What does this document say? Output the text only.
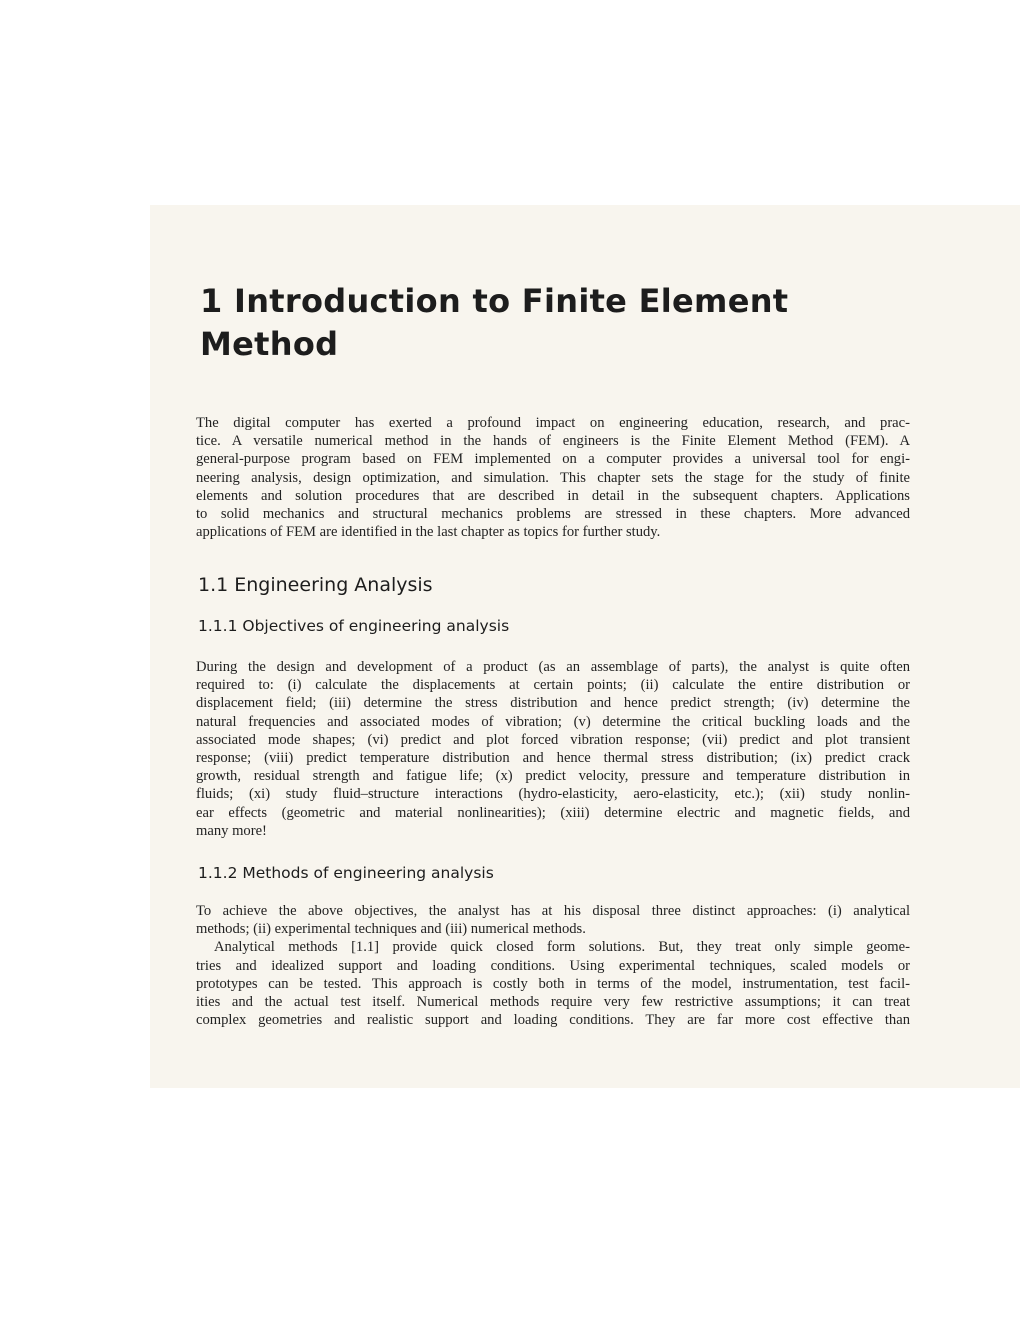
1 Introduction to Finite Element
Method
The digital computer has exerted a profound impact on engineering education, research, and prac-
tice. A versatile numerical method in the hands of engineers is the Finite Element Method (FEM). A
general-purpose program based on FEM implemented on a computer provides a universal tool for engi-
neering analysis, design optimization, and simulation. This chapter sets the stage for the study of finite
elements and solution procedures that are described in detail in the subsequent chapters. Applications
to solid mechanics and structural mechanics problems are stressed in these chapters. More advanced
applications of FEM are identified in the last chapter as topics for further study.
1.1 Engineering Analysis
1.1.1 Objectives of engineering analysis
During the design and development of a product (as an assemblage of parts), the analyst is quite often
required to: (i) calculate the displacements at certain points; (ii) calculate the entire distribution or
displacement field; (iii) determine the stress distribution and hence predict strength; (iv) determine the
natural frequencies and associated modes of vibration; (v) determine the critical buckling loads and the
associated mode shapes; (vi) predict and plot forced vibration response; (vii) predict and plot transient
response; (viii) predict temperature distribution and hence thermal stress distribution; (ix) predict crack
growth, residual strength and fatigue life; (x) predict velocity, pressure and temperature distribution in
fluids; (xi) study fluid–structure interactions (hydro-elasticity, aero-elasticity, etc.); (xii) study nonlin-
ear effects (geometric and material nonlinearities); (xiii) determine electric and magnetic fields, and
many more!
1.1.2 Methods of engineering analysis
To achieve the above objectives, the analyst has at his disposal three distinct approaches: (i) analytical
methods; (ii) experimental techniques and (iii) numerical methods.
Analytical methods [1.1] provide quick closed form solutions. But, they treat only simple geome-
tries and idealized support and loading conditions. Using experimental techniques, scaled models or
prototypes can be tested. This approach is costly both in terms of the model, instrumentation, test facil-
ities and the actual test itself. Numerical methods require very few restrictive assumptions; it can treat
complex geometries and realistic support and loading conditions. They are far more cost effective than
